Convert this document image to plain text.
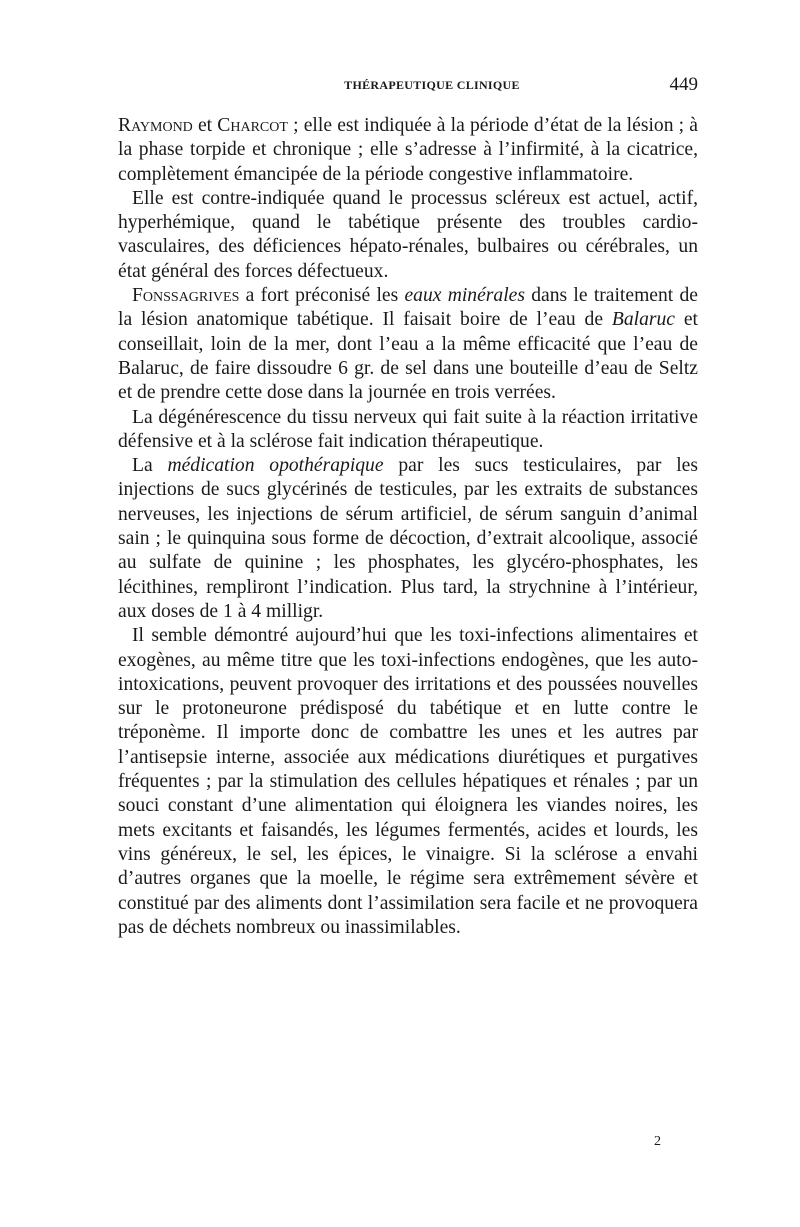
THÉRAPEUTIQUE CLINIQUE	449

Raymond et Charcot ; elle est indiquée à la période d’état de la lésion ; à la phase torpide et chronique ; elle s’adresse à l’infirmité, à la cicatrice, complètement émancipée de la période congestive inflammatoire.

Elle est contre-indiquée quand le processus scléreux est actuel, actif, hyperhémique, quand le tabétique présente des troubles cardio-vasculaires, des déficiences hépato-rénales, bulbaires ou cérébrales, un état général des forces défectueux.

Fonssagrives a fort préconisé les eaux minérales dans le traitement de la lésion anatomique tabétique. Il faisait boire de l’eau de Balaruc et conseillait, loin de la mer, dont l’eau a la même efficacité que l’eau de Balaruc, de faire dissoudre 6 gr. de sel dans une bouteille d’eau de Seltz et de prendre cette dose dans la journée en trois verrées.

La dégénérescence du tissu nerveux qui fait suite à la réaction irritative défensive et à la sclérose fait indication thérapeutique.

La médication opothérapique par les sucs testiculaires, par les injections de sucs glycérinés de testicules, par les extraits de substances nerveuses, les injections de sérum artificiel, de sérum sanguin d’animal sain ; le quinquina sous forme de décoction, d’extrait alcoolique, associé au sulfate de quinine ; les phosphates, les glycéro-phosphates, les lécithines, rempliront l’indication. Plus tard, la strychnine à l’intérieur, aux doses de 1 à 4 milligr.

Il semble démontré aujourd’hui que les toxi-infections alimentaires et exogènes, au même titre que les toxi-infections endogènes, que les auto-intoxications, peuvent provoquer des irritations et des poussées nouvelles sur le protoneurone prédisposé du tabétique et en lutte contre le tréponème. Il importe donc de combattre les unes et les autres par l’antisepsie interne, associée aux médications diurétiques et purgatives fréquentes ; par la stimulation des cellules hépatiques et rénales ; par un souci constant d’une alimentation qui éloignera les viandes noires, les mets excitants et faisandés, les légumes fermentés, acides et lourds, les vins généreux, le sel, les épices, le vinaigre. Si la sclérose a envahi d’autres organes que la moelle, le régime sera extrêmement sévère et constitué par des aliments dont l’assimilation sera facile et ne provoquera pas de déchets nombreux ou inassimilables.

2
